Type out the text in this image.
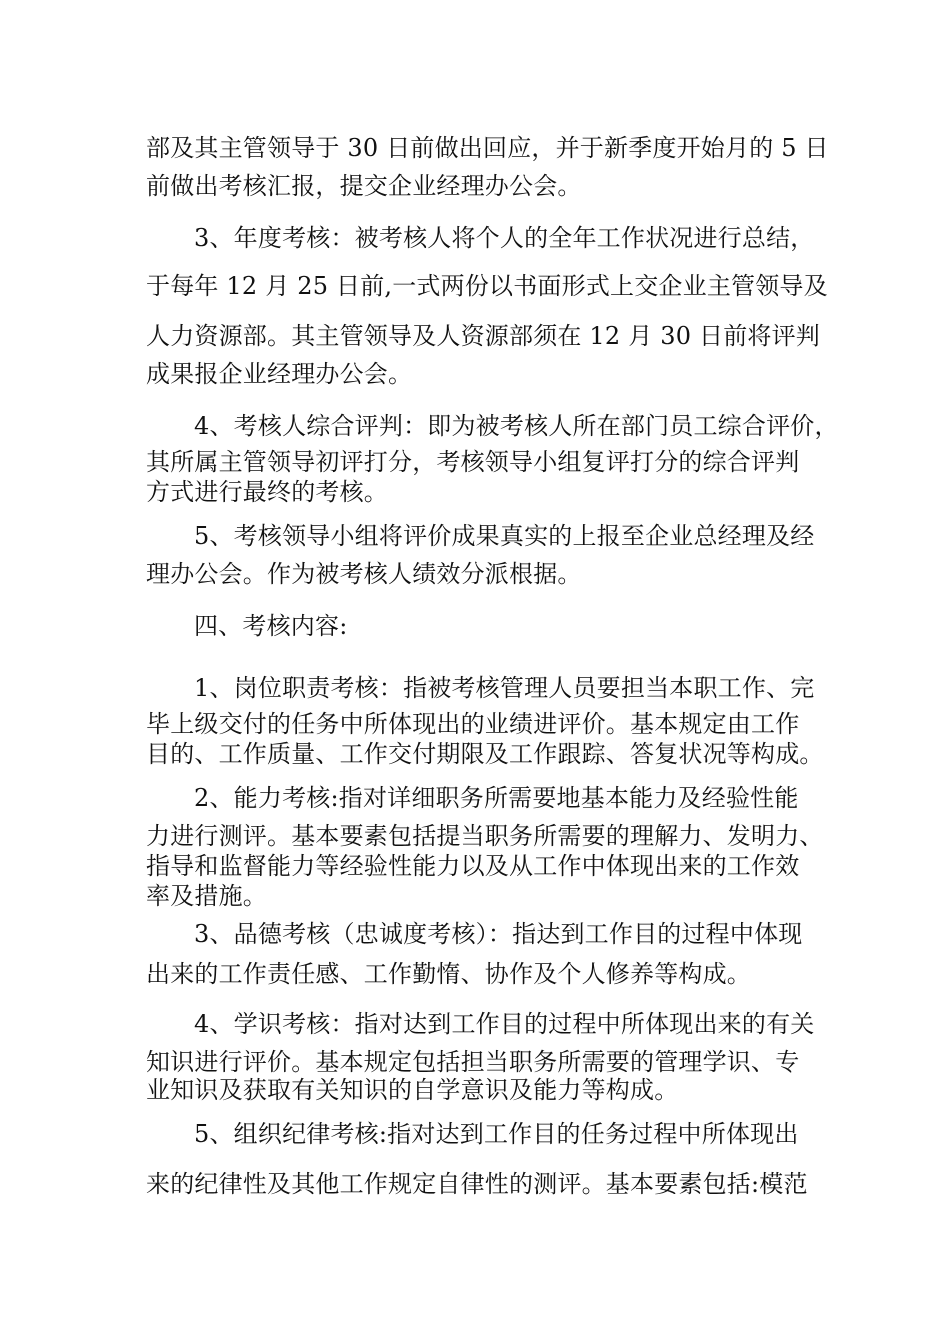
部及其主管领导于 30 日前做出回应，并于新季度开始月的 5 日
前做出考核汇报，提交企业经理办公会。
3、年度考核：被考核人将个人的全年工作状况进行总结，
于每年 12 月 25 日前,一式两份以书面形式上交企业主管领导及
人力资源部。其主管领导及人资源部须在 12 月 30 日前将评判
成果报企业经理办公会。
4、考核人综合评判：即为被考核人所在部门员工综合评价，
其所属主管领导初评打分，考核领导小组复评打分的综合评判
方式进行最终的考核。
5、考核领导小组将评价成果真实的上报至企业总经理及经
理办公会。作为被考核人绩效分派根据。
四、考核内容:
1、岗位职责考核：指被考核管理人员要担当本职工作、完
毕上级交付的任务中所体现出的业绩进评价。基本规定由工作
目的、工作质量、工作交付期限及工作跟踪、答复状况等构成。
2、能力考核:指对详细职务所需要地基本能力及经验性能
力进行测评。基本要素包括提当职务所需要的理解力、发明力、
指导和监督能力等经验性能力以及从工作中体现出来的工作效
率及措施。
3、品德考核（忠诚度考核）：指达到工作目的过程中体现
出来的工作责任感、工作勤惰、协作及个人修养等构成。
4、学识考核：指对达到工作目的过程中所体现出来的有关
知识进行评价。基本规定包括担当职务所需要的管理学识、专
业知识及获取有关知识的自学意识及能力等构成。
5、组织纪律考核:指对达到工作目的任务过程中所体现出
来的纪律性及其他工作规定自律性的测评。基本要素包括:模范
